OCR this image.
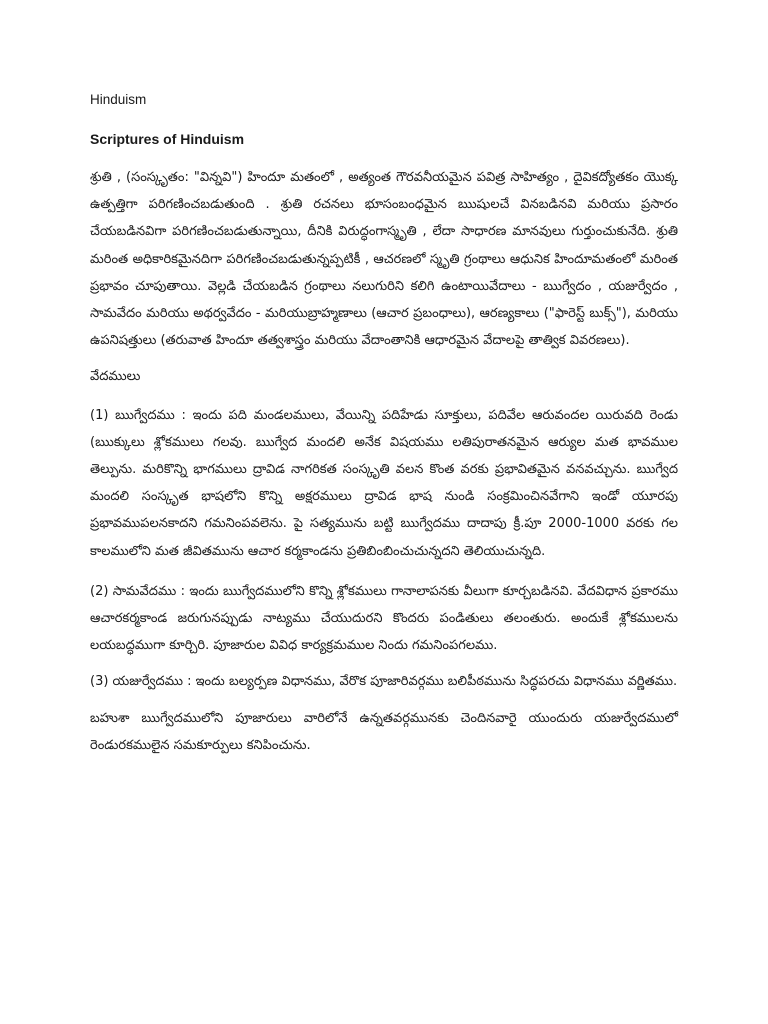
Hinduism
Scriptures of Hinduism

శ్రుతి , (సంస్కృతం: "విన్నవి") హిందూ మతంలో , అత్యంత గౌరవనీయమైన పవిత్ర సాహిత్యం , దైవికద్యోతకం యొక్క ఉత్పత్తిగా పరిగణించబడుతుంది . శ్రుతి రచనలు భూసంబంధమైన ఋషులచే వినబడినవి మరియు ప్రసారం చేయబడినవిగా పరిగణించబడుతున్నాయి, దీనికి విరుద్ధంగాస్మృతి , లేదా సాధారణ మానవులు గుర్తుంచుకునేది. శ్రుతి మరింత అధికారికమైనదిగా పరిగణించబడుతున్నప్పటికీ , ఆచరణలో స్మృతి గ్రంథాలు ఆధునిక హిందూమతంలో మరింత ప్రభావం చూపుతాయి. వెల్లడి చేయబడిన గ్రంథాలు నలుగురిని కలిగి ఉంటాయివేదాలు - ఋగ్వేదం , యజుర్వేదం , సామవేదం మరియు అథర్వవేదం - మరియుబ్రాహ్మణాలు (ఆచార ప్రబంధాలు), ఆరణ్యకాలు ("ఫారెస్ట్ బుక్స్"), మరియు ఉపనిషత్తులు (తరువాత హిందూ తత్వశాస్త్రం మరియు వేదాంతానికి ఆధారమైన వేదాలపై తాత్విక వివరణలు).

వేదములు

(1) ఋగ్వేదము : ఇందు పది మండలములు, వేయిన్ని పదిహేడు సూక్తులు, పదివేల ఆరువందల యిరువది రెండు (ఋక్కులు శ్లోకములు గలవు. ఋగ్వేద మందలి అనేక విషయము లతిపురాతనమైన ఆర్యుల మత భావముల తెల్పును. మరికొన్ని భాగములు ద్రావిడ నాగరికత సంస్కృతి వలన కొంత వరకు ప్రభావితమైన వనవచ్చును. ఋగ్వేద మందలి సంస్కృత భాషలోని కొన్ని అక్షరములు ద్రావిడ భాష నుండి సంక్రమించినవేగాని ఇండో యూరపు ప్రభావముపలనకాదని గమనింపవలెను. పై సత్యమును బట్టి ఋగ్వేదము దాదాపు క్రీ.పూ 2000-1000 వరకు గల కాలములోని మత జీవితమును ఆచార కర్మకాండను ప్రతిబింబించుచున్నదని తెలియుచున్నది.

(2) సామవేదము : ఇందు ఋగ్వేదములోని కొన్ని శ్లోకములు గానాలాపనకు వీలుగా కూర్చబడినవి. వేదవిధాన ప్రకారము ఆచారకర్మకాండ జరుగునప్పుడు నాట్యము చేయుదురని కొందరు పండితులు తలంతురు. అందుకే శ్లోకములను లయబద్ధముగా కూర్చిరి. పూజారుల వివిధ కార్యక్రమముల నిందు గమనింపగలము.

(3) యజుర్వేదము : ఇందు బల్యర్పణ విధానము, వేరొక పూజారివర్గము బలిపీఠమును సిద్ధపరచు విధానము వర్ణితము.

బహుశా ఋగ్వేదములోని పూజారులు వారిలోనే ఉన్నతవర్గమునకు చెందినవారై యుందురు యజుర్వేదములో రెండురకములైన సమకూర్పులు కనిపించును.
